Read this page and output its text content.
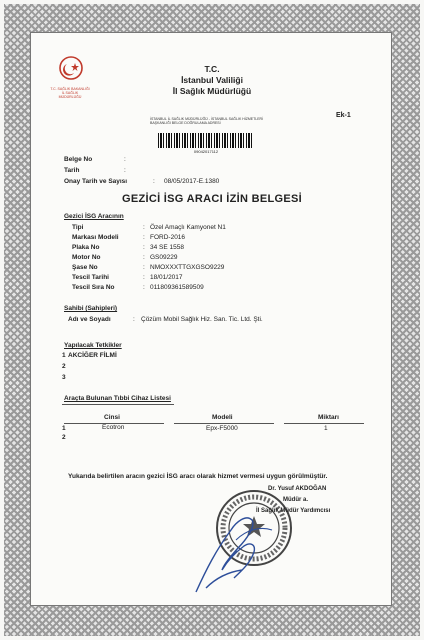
T.C. SAĞLIK BAKANLIĞI İL SAĞLIK MÜDÜRLÜĞÜ
T.C.
İstanbul Valiliği
İl Sağlık Müdürlüğü
Ek-1
İSTANBUL İL SAĞLIK MÜDÜRLÜĞÜ - İSTANBUL SAĞLIK HİZMETLERİ BAŞKANLIĞI BELGE DOĞRULAMA ADRESİ
09042017112
Belge No	:
Tarih	:
Onay Tarih ve Sayısı	: 08/05/2017-E.1380
GEZİCİ İSG ARACI İZİN BELGESİ
Gezici İSG Aracının
Tipi	: Özel Amaçlı Kamyonet N1
Markası Modeli	: FORD-2016
Plaka No	: 34 SE 1558
Motor No	: GS09229
Şase No	: NMOXXXTTGXGSO9229
Tescil Tarihi	: 18/01/2017
Tescil Sıra No	: 011809361589509
Sahibi (Sahipleri)
Adı ve Soyadı	: Çözüm Mobil Sağlık Hiz. San. Tic. Ltd. Şti.
Yapılacak Tetkikler
1 AKCİĞER FİLMİ
2
3
Araçta Bulunan Tıbbi Cihaz Listesi
Cinsi	Modeli	Miktarı
1	Ecotron	Epx-F5000	1
2
Yukarıda belirtilen aracın gezici İSG aracı olarak hizmet vermesi uygun görülmüştür.
Dr. Yusuf AKDOĞAN
Müdür a.
İl Sağlık Müdür Yardımcısı
